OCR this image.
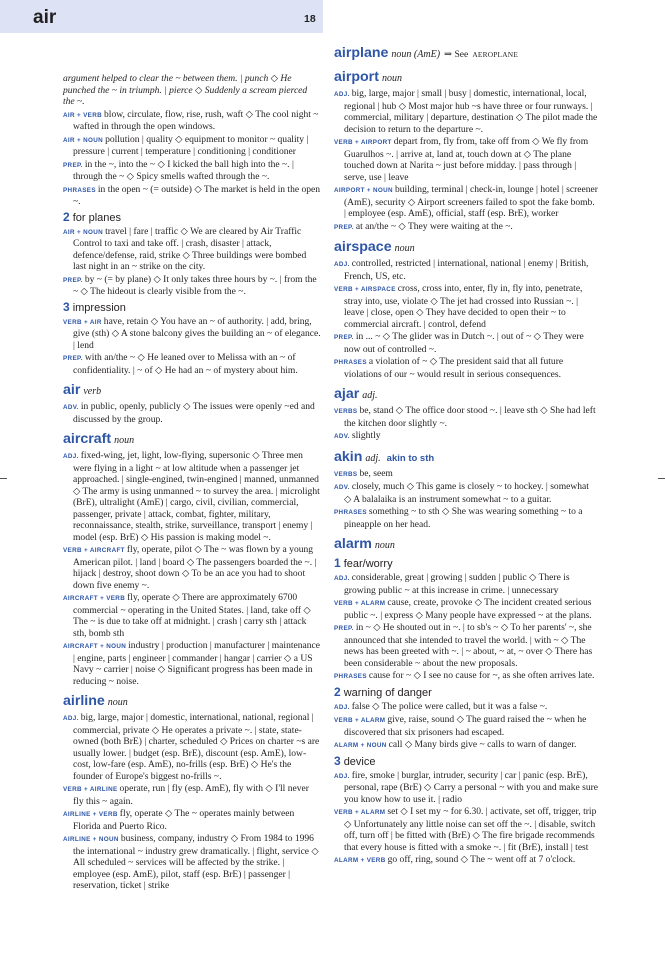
air	18
argument helped to clear the ~ between them. | punch ◇ He punched the ~ in triumph. | pierce ◇ Suddenly a scream pierced the ~.
AIR + VERB blow, circulate, flow, rise, rush, waft ◇ The cool night ~ wafted in through the open windows.
AIR + NOUN pollution | quality ◇ equipment to monitor ~ quality | pressure | current | temperature | conditioning | conditioner
PREP. in the ~, into the ~ ◇ I kicked the ball high into the ~. | through the ~ ◇ Spicy smells wafted through the ~.
PHRASES in the open ~ (= outside) ◇ The market is held in the open ~.
2 for planes
AIR + NOUN travel | fare | traffic ◇ We are cleared by Air Traffic Control to taxi and take off. | crash, disaster | attack, defence/defense, raid, strike ◇ Three buildings were bombed last night in an ~ strike on the city.
PREP. by ~ (= by plane) ◇ It only takes three hours by ~. | from the ~ ◇ The hideout is clearly visible from the ~.
3 impression
VERB + AIR have, retain ◇ You have an ~ of authority. | add, bring, give (sth) ◇ A stone balcony gives the building an ~ of elegance. | lend
PREP. with an/the ~ ◇ He leaned over to Melissa with an ~ of confidentiality. | ~ of ◇ He had an ~ of mystery about him.
air verb
ADV. in public, openly, publicly ◇ The issues were openly ~ed and discussed by the group.
aircraft noun
ADJ. fixed-wing, jet, light, low-flying, supersonic ◇ Three men were flying in a light ~ at low altitude when a passenger jet approached. | single-engined, twin-engined | manned, unmanned ◇ The army is using unmanned ~ to survey the area. | microlight (BrE), ultralight (AmE) | cargo, civil, civilian, commercial, passenger, private | attack, combat, fighter, military, reconnaissance, stealth, strike, surveillance, transport | enemy | model (esp. BrE) ◇ His passion is making model ~.
VERB + AIRCRAFT fly, operate, pilot ◇ The ~ was flown by a young American pilot. | land | board ◇ The passengers boarded the ~. | hijack | destroy, shoot down ◇ To be an ace you had to shoot down five enemy ~.
AIRCRAFT + VERB fly, operate ◇ There are approximately 6700 commercial ~ operating in the United States. | land, take off ◇ The ~ is due to take off at midnight. | crash | carry sth | attack sth, bomb sth
AIRCRAFT + NOUN industry | production | manufacturer | maintenance | engine, parts | engineer | commander | hangar | carrier ◇ a US Navy ~ carrier | noise ◇ Significant progress has been made in reducing ~ noise.
airline noun
ADJ. big, large, major | domestic, international, national, regional | commercial, private ◇ He operates a private ~. | state, state-owned (both BrE) | charter, scheduled ◇ Prices on charter ~s are usually lower. | budget (esp. BrE), discount (esp. AmE), low-cost, low-fare (esp. AmE), no-frills (esp. BrE) ◇ He's the founder of Europe's biggest no-frills ~.
VERB + AIRLINE operate, run | fly (esp. AmE), fly with ◇ I'll never fly this ~ again.
AIRLINE + VERB fly, operate ◇ The ~ operates mainly between Florida and Puerto Rico.
AIRLINE + NOUN business, company, industry ◇ From 1984 to 1996 the international ~ industry grew dramatically. | flight, service ◇ All scheduled ~ services will be affected by the strike. | employee (esp. AmE), pilot, staff (esp. BrE) | passenger | reservation, ticket | strike
airplane noun (AmE) ⇒ See AEROPLANE
airport noun
ADJ. big, large, major | small | busy | domestic, international, local, regional | hub ◇ Most major hub ~s have three or four runways. | commercial, military | departure, destination ◇ The pilot made the decision to return to the departure ~.
VERB + AIRPORT depart from, fly from, take off from ◇ We fly from Guarulhos ~. | arrive at, land at, touch down at ◇ The plane touched down at Narita ~ just before midday. | pass through | serve, use | leave
AIRPORT + NOUN building, terminal | check-in, lounge | hotel | screener (AmE), security ◇ Airport screeners failed to spot the fake bomb. | employee (esp. AmE), official, staff (esp. BrE), worker
PREP. at an/the ~ ◇ They were waiting at the ~.
airspace noun
ADJ. controlled, restricted | international, national | enemy | British, French, US, etc.
VERB + AIRSPACE cross, cross into, enter, fly in, fly into, penetrate, stray into, use, violate ◇ The jet had crossed into Russian ~. | leave | close, open ◇ They have decided to open their ~ to commercial aircraft. | control, defend
PREP. in ... ~ ◇ The glider was in Dutch ~. | out of ~ ◇ They were now out of controlled ~.
PHRASES a violation of ~ ◇ The president said that all future violations of our ~ would result in serious consequences.
ajar adj.
VERBS be, stand ◇ The office door stood ~. | leave sth ◇ She had left the kitchen door slightly ~.
ADV. slightly
akin adj. akin to sth
VERBS be, seem
ADV. closely, much ◇ This game is closely ~ to hockey. | somewhat ◇ A balalaika is an instrument somewhat ~ to a guitar.
PHRASES something ~ to sth ◇ She was wearing something ~ to a pineapple on her head.
alarm noun
1 fear/worry
ADJ. considerable, great | growing | sudden | public ◇ There is growing public ~ at this increase in crime. | unnecessary
VERB + ALARM cause, create, provoke ◇ The incident created serious public ~. | express ◇ Many people have expressed ~ at the plans.
PREP. in ~ ◇ He shouted out in ~. | to sb's ~ ◇ To her parents' ~, she announced that she intended to travel the world. | with ~ ◇ The news has been greeted with ~. | ~ about, ~ at, ~ over ◇ There has been considerable ~ about the new proposals.
PHRASES cause for ~ ◇ I see no cause for ~, as she often arrives late.
2 warning of danger
ADJ. false ◇ The police were called, but it was a false ~.
VERB + ALARM give, raise, sound ◇ The guard raised the ~ when he discovered that six prisoners had escaped.
ALARM + NOUN call ◇ Many birds give ~ calls to warn of danger.
3 device
ADJ. fire, smoke | burglar, intruder, security | car | panic (esp. BrE), personal, rape (BrE) ◇ Carry a personal ~ with you and make sure you know how to use it. | radio
VERB + ALARM set ◇ I set my ~ for 6.30. | activate, set off, trigger, trip ◇ Unfortunately any little noise can set off the ~. | disable, switch off, turn off | be fitted with (BrE) ◇ The fire brigade recommends that every house is fitted with a smoke ~. | fit (BrE), install | test
ALARM + VERB go off, ring, sound ◇ The ~ went off at 7 o'clock.
